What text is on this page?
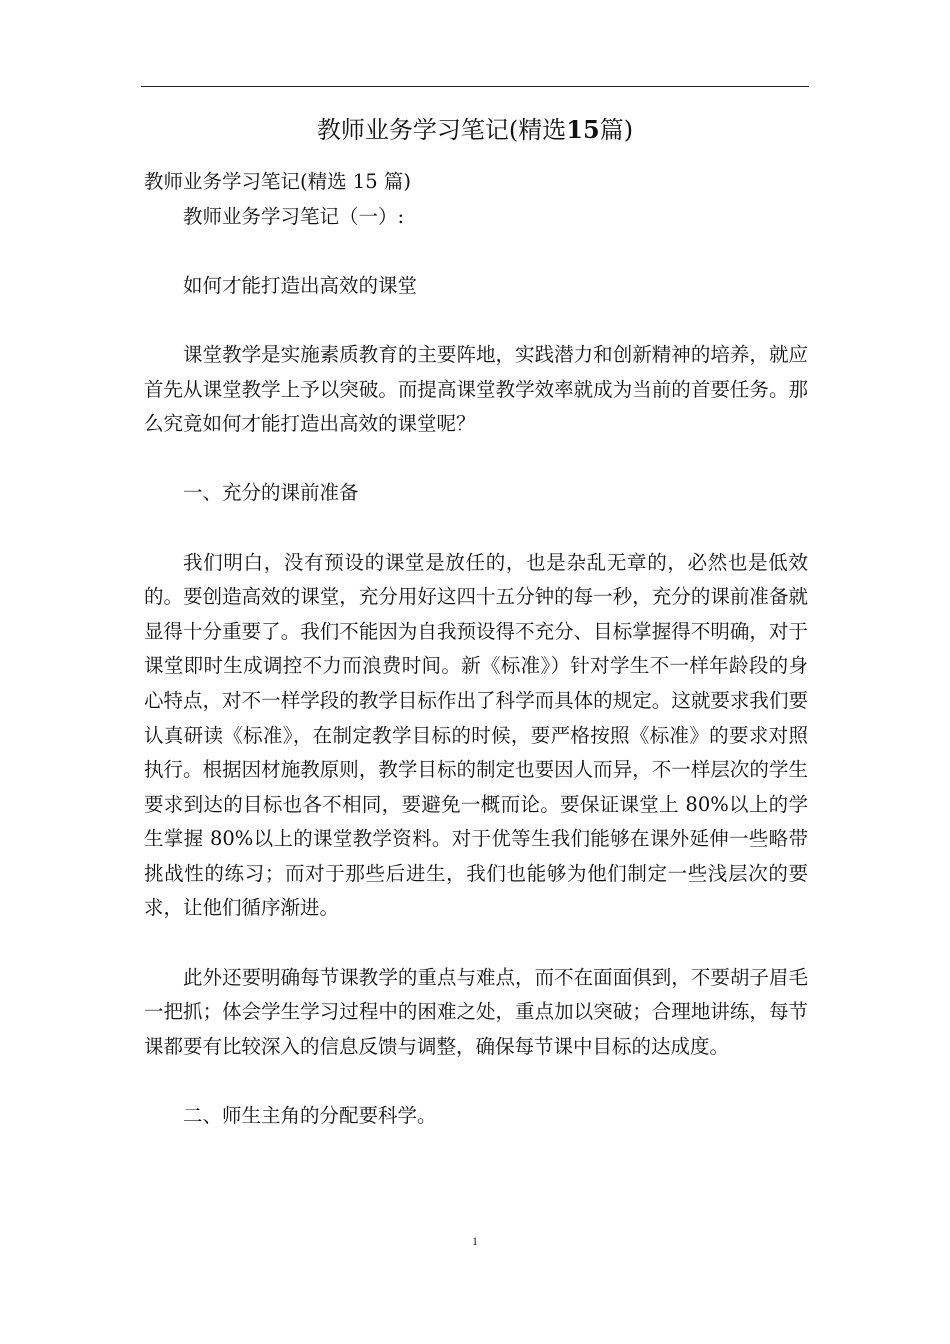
教师业务学习笔记(精选15篇)

教师业务学习笔记(精选 15 篇)

教师业务学习笔记（一）:

如何才能打造出高效的课堂

课堂教学是实施素质教育的主要阵地，实践潜力和创新精神的培养，就应首先从课堂教学上予以突破。而提高课堂教学效率就成为当前的首要任务。那么究竟如何才能打造出高效的课堂呢？

一、充分的课前准备

我们明白，没有预设的课堂是放任的，也是杂乱无章的，必然也是低效的。要创造高效的课堂，充分用好这四十五分钟的每一秒，充分的课前准备就显得十分重要了。我们不能因为自我预设得不充分、目标掌握得不明确，对于课堂即时生成调控不力而浪费时间。新《标准》）针对学生不一样年龄段的身心特点，对不一样学段的教学目标作出了科学而具体的规定。这就要求我们要认真研读《标准》，在制定教学目标的时候，要严格按照《标准》的要求对照执行。根据因材施教原则，教学目标的制定也要因人而异，不一样层次的学生要求到达的目标也各不相同，要避免一概而论。要保证课堂上 80%以上的学生掌握 80%以上的课堂教学资料。对于优等生我们能够在课外延伸一些略带挑战性的练习；而对于那些后进生，我们也能够为他们制定一些浅层次的要求，让他们循序渐进。

此外还要明确每节课教学的重点与难点，而不在面面俱到，不要胡子眉毛一把抓；体会学生学习过程中的困难之处，重点加以突破；合理地讲练，每节课都要有比较深入的信息反馈与调整，确保每节课中目标的达成度。

二、师生主角的分配要科学。

1
